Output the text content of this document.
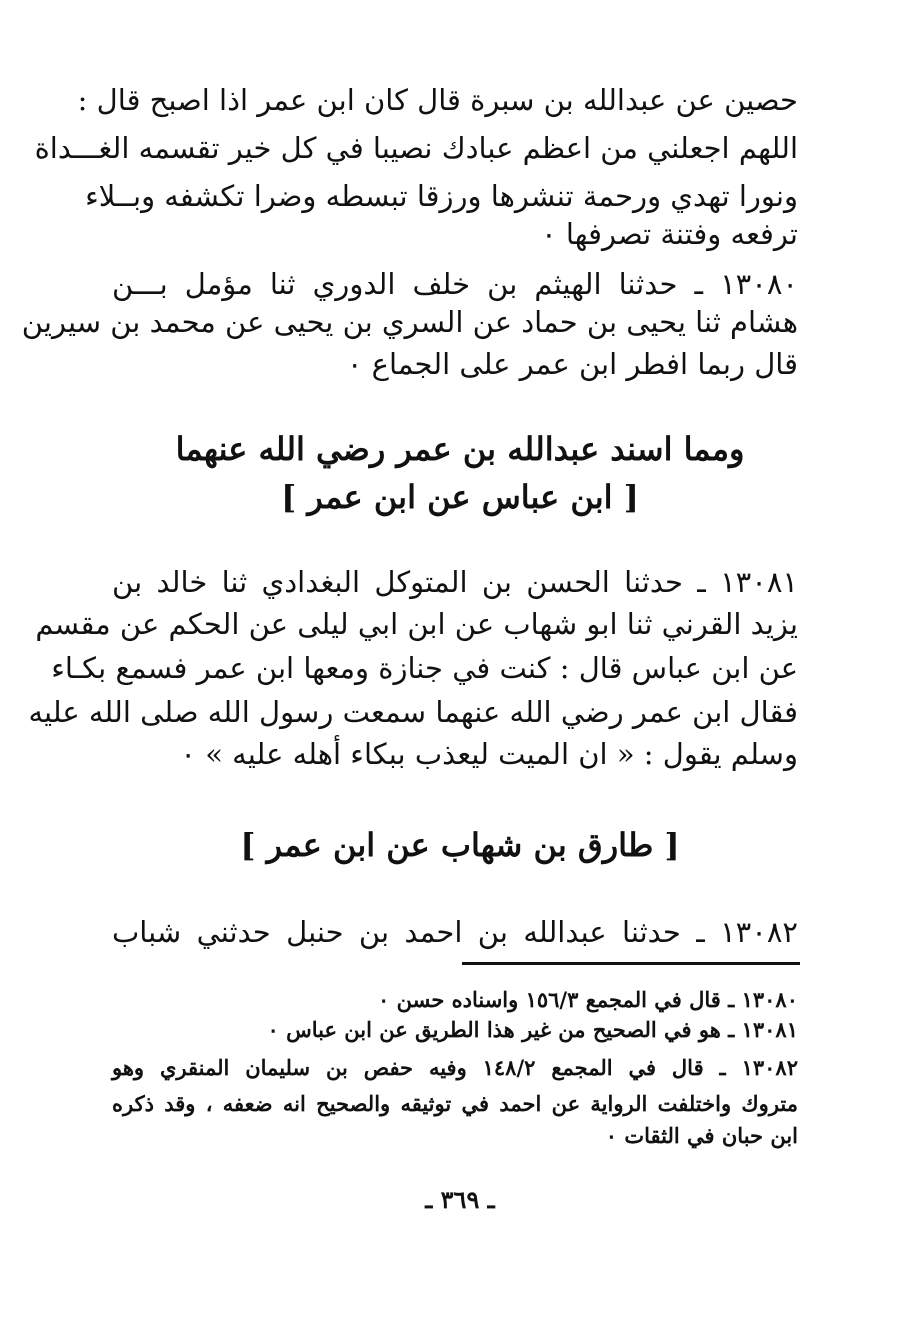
حصين عن عبدالله بن سبرة قال كان ابن عمر اذا اصبح قال :
اللهم اجعلني من اعظم عبادك نصيبا في كل خير تقسمه الغـــداة
ونورا تهدي ورحمة تنشرها ورزقا تبسطه وضرا تكشفه وبــلاء
ترفعه وفتنة تصرفها ٠
١٣٠٨٠ ـ حدثنا الهيثم بن خلف الدوري ثنا مؤمل بـــن
هشام ثنا يحيى بن حماد عن السري بن يحيى عن محمد بن سيرين
قال ربما افطر ابن عمر على الجماع ٠
ومما اسند عبدالله بن عمر رضي الله عنهما
[ ابن عباس عن ابن عمر ]
١٣٠٨١ ـ حدثنا الحسن بن المتوكل البغدادي ثنا خالد بن
يزيد القرني ثنا ابو شهاب عن ابن ابي ليلى عن الحكم عن مقسم
عن ابن عباس قال : كنت في جنازة ومعها ابن عمر فسمع بكـاء
فقال ابن عمر رضي الله عنهما سمعت رسول الله صلى الله عليه
وسلم يقول : « ان الميت ليعذب ببكاء أهله عليه » ٠
[ طارق بن شهاب عن ابن عمر ]
١٣٠٨٢ ـ حدثنا عبدالله بن احمد بن حنبل حدثني شباب
١٣٠٨٠ ـ قال في المجمع ١٥٦/٣ واسناده حسن ٠
١٣٠٨١ ـ هو في الصحيح من غير هذا الطريق عن ابن عباس ٠
١٣٠٨٢ ـ قال في المجمع ١٤٨/٢ وفيه حفص بن سليمان المنقري وهو
متروك واختلفت الرواية عن احمد في توثيقه والصحيح انه ضعفه ، وقد ذكره
ابن حبان في الثقات ٠
ـ ٣٦٩ ـ
